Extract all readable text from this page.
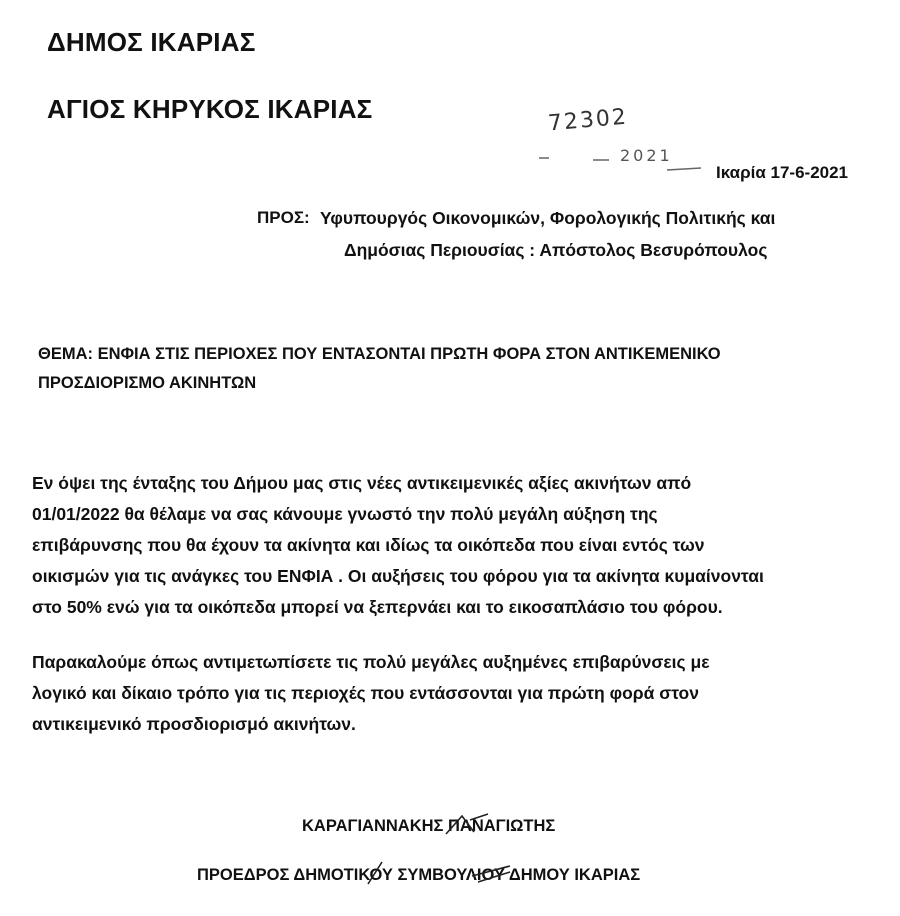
ΔΗΜΟΣ ΙΚΑΡΙΑΣ
ΑΓΙΟΣ ΚΗΡΥΚΟΣ ΙΚΑΡΙΑΣ	72302
2021
Ικαρία 17-6-2021
ΠΡΟΣ: Υφυπουργός Οικονομικών, Φορολογικής Πολιτικής και
Δημόσιας Περιουσίας : Απόστολος Βεσυρόπουλος
ΘΕΜΑ: ΕΝΦΙΑ ΣΤΙΣ ΠΕΡΙΟΧΕΣ ΠΟΥ ΕΝΤΑΣΟΝΤΑΙ ΠΡΩΤΗ ΦΟΡΑ ΣΤΟΝ ΑΝΤΙΚΕΜΕΝΙΚΟ
ΠΡΟΣΔΙΟΡΙΣΜΟ ΑΚΙΝΗΤΩΝ
Εν όψει της ένταξης του Δήμου μας στις νέες αντικειμενικές αξίες ακινήτων από
01/01/2022 θα θέλαμε να σας κάνουμε γνωστό την πολύ μεγάλη αύξηση της
επιβάρυνσης που θα έχουν τα ακίνητα και ιδίως τα οικόπεδα που είναι εντός των
οικισμών για τις ανάγκες του ΕΝΦΙΑ . Οι αυξήσεις του φόρου για τα ακίνητα κυμαίνονται
στο 50% ενώ για τα οικόπεδα μπορεί να ξεπερνάει και το εικοσαπλάσιο του φόρου.
Παρακαλούμε όπως αντιμετωπίσετε τις πολύ μεγάλες αυξημένες επιβαρύνσεις με
λογικό και δίκαιο τρόπο για τις περιοχές που εντάσσονται για πρώτη φορά στον
αντικειμενικό προσδιορισμό ακινήτων.
ΚΑΡΑΓΙΑΝΝΑΚΗΣ ΠΑΝΑΓΙΩΤΗΣ
ΠΡΟΕΔΡΟΣ ΔΗΜΟΤΙΚΟΥ ΣΥΜΒΟΥΛΙΟΥ ΔΗΜΟΥ ΙΚΑΡΙΑΣ
